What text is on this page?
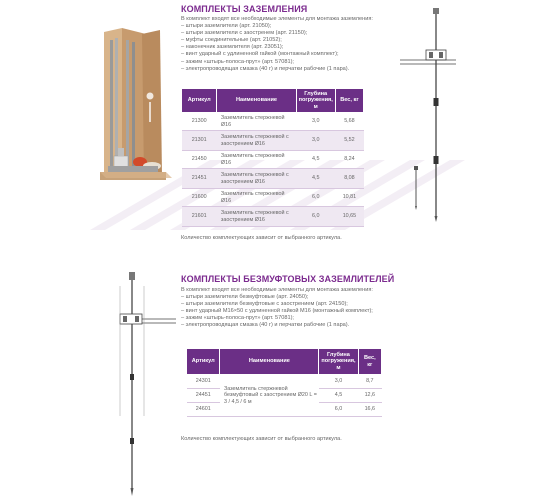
КОМПЛЕКТЫ ЗАЗЕМЛЕНИЯ
В комплект входят все необходимые элементы для монтажа заземления:
– штыри заземлители (арт. 21050);
– штыри заземлители с заостренем (арт. 21150);
– муфты соединительные (арт. 21052);
– наконечник заземлителя (арт. 23051);
– винт ударный с удлиненной гайкой (монтажный комплект);
– зажим «штырь-полоса-прут» (арт. 57081);
– электропроводящая смазка (40 г) и перчатки рабочие (1 пара).
Артикул	Наименование	Глубина погружения, м	Вес, кг
21300	Заземлитель стержневой Ø16	3,0	5,68
21301	Заземлитель стержневой с заострением Ø16	3,0	5,52
21450	Заземлитель стержневой Ø16	4,5	8,24
21451	Заземлитель стержневой с заострением Ø16	4,5	8,08
21600	Заземлитель стержневой Ø16	6,0	10,81
21601	Заземлитель стержневой с заострением Ø16	6,0	10,65
Количество комплектующих зависит от выбранного артикула.
КОМПЛЕКТЫ БЕЗМУФТОВЫХ ЗАЗЕМЛИТЕЛЕЙ
В комплект входят все необходимые элементы для монтажа заземления:
– штыри заземлители безмуфтовые (арт. 24050);
– штыри заземлители безмуфтовые с заострением (арт. 24150);
– винт ударный М16×50 с удлиненной гайкой М16 (монтажный комплект);
– зажим «штырь-полоса-прут» (арт. 57081);
– электропроводящая смазка (40 г) и перчатки рабочие (1 пара).
Артикул	Наименование	Глубина погружения, м	Вес, кг
24301	Заземлитель стержневой безмуфтовый с заострением Ø20 L = 3 / 4,5 / 6 м	3,0	8,7
24451		4,5	12,6
24601		6,0	16,6
Количество комплектующих зависит от выбранного артикула.
